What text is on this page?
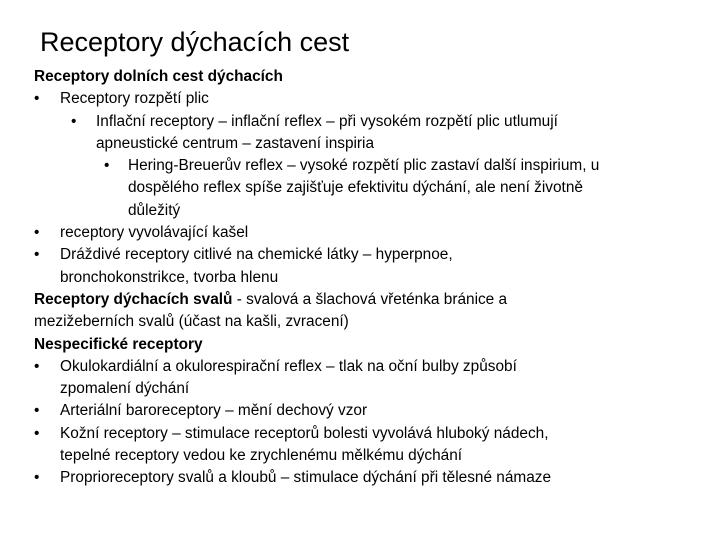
Receptory dýchacích cest
Receptory dolních cest dýchacích
• Receptory rozpětí plic
• Inflační receptory – inflační reflex – při vysokém rozpětí plic utlumují
apneustické centrum – zastavení inspiria
• Hering-Breuerův reflex – vysoké rozpětí plic zastaví další inspirium, u
dospělého reflex spíše zajišťuje efektivitu dýchání, ale není životně
důležitý
• receptory vyvolávající kašel
• Dráždivé receptory citlivé na chemické látky – hyperpnoe,
bronchokonstrikce, tvorba hlenu
Receptory dýchacích svalů - svalová a šlachová vřeténka bránice a
mezižeberních svalů (účast na kašli, zvracení)
Nespecifické receptory
• Okulokardiální a okulorespirační reflex – tlak na oční bulby způsobí
zpomalení dýchání
• Arteriální baroreceptory – mění dechový vzor
• Kožní receptory – stimulace receptorů bolesti vyvolává hluboký nádech,
tepelné receptory vedou ke zrychlenému mělkému dýchání
• Proprioreceptory svalů a kloubů – stimulace dýchání při tělesné námaze
